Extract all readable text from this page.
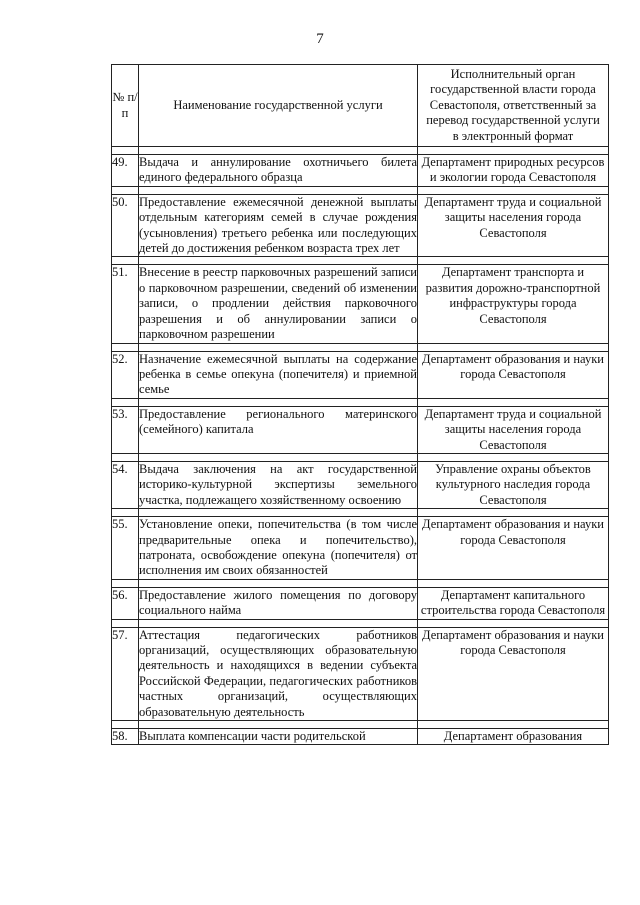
7
№ п/п	Наименование государственной услуги	Исполнительный орган государственной власти города Севастополя, ответственный за перевод государственной услуги в электронный формат

49.	Выдача и аннулирование охотничьего билета единого федерального образца	Департамент природных ресурсов и экологии города Севастополя

50.	Предоставление ежемесячной денежной выплаты отдельным категориям семей в случае рождения (усыновления) третьего ребенка или последующих детей до достижения ребенком возраста трех лет	Департамент труда и социальной защиты населения города Севастополя

51.	Внесение в реестр парковочных разрешений записи о парковочном разрешении, сведений об изменении записи, о продлении действия парковочного разрешения и об аннулировании записи о парковочном разрешении	Департамент транспорта и развития дорожно-транспортной инфраструктуры города Севастополя

52.	Назначение ежемесячной выплаты на содержание ребенка в семье опекуна (попечителя) и приемной семье	Департамент образования и науки города Севастополя

53.	Предоставление регионального материнского (семейного) капитала	Департамент труда и социальной защиты населения города Севастополя

54.	Выдача заключения на акт государственной историко-культурной экспертизы земельного участка, подлежащего хозяйственному освоению	Управление охраны объектов культурного наследия города Севастополя

55.	Установление опеки, попечительства (в том числе предварительные опека и попечительство), патроната, освобождение опекуна (попечителя) от исполнения им своих обязанностей	Департамент образования и науки города Севастополя

56.	Предоставление жилого помещения по договору социального найма	Департамент капитального строительства города Севастополя

57.	Аттестация педагогических работников организаций, осуществляющих образовательную деятельность и находящихся в ведении субъекта Российской Федерации, педагогических работников частных организаций, осуществляющих образовательную деятельность	Департамент образования и науки города Севастополя

58.	Выплата компенсации части родительской	Департамент образования
